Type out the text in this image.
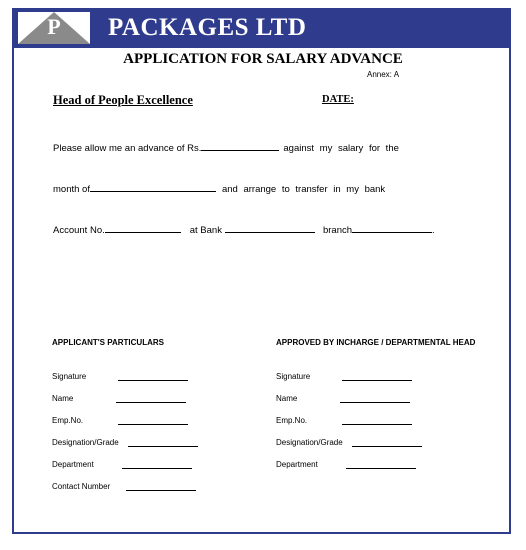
P	PACKAGES LTD
APPLICATION FOR SALARY ADVANCE
Annex: A
Head of People Excellence	DATE:
Please allow me an advance of Rs.	against my salary for the
month of	and arrange to transfer in my bank
Account No.	at Bank	branch	.
APPLICANT'S PARTICULARS	APPROVED BY INCHARGE / DEPARTMENTAL HEAD
Signature
Name
Emp.No.
Designation/Grade
Department
Contact Number
Signature
Name
Emp.No.
Designation/Grade
Department
